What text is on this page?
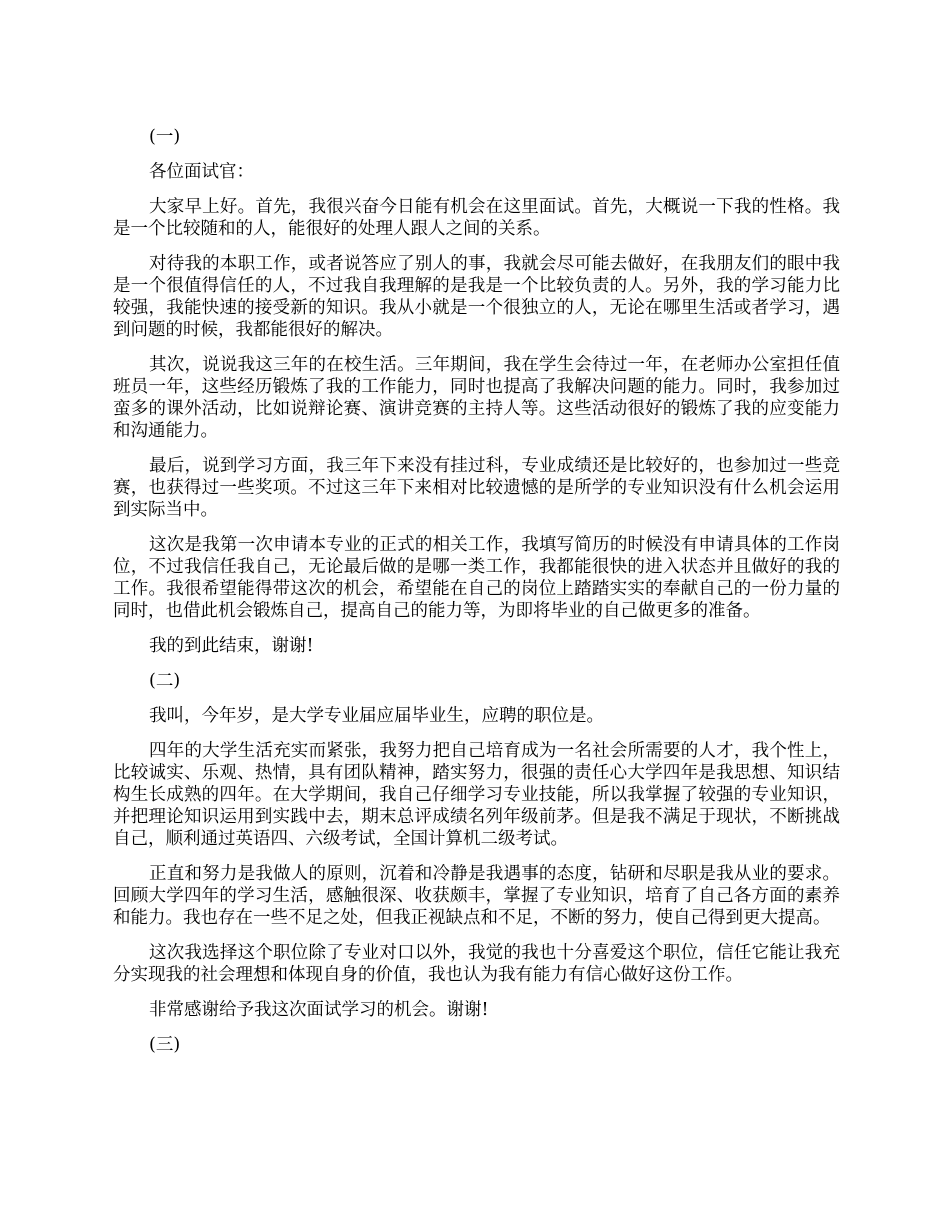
(一)

各位面试官：

大家早上好。首先，我很兴奋今日能有机会在这里面试。首先，大概说一下我的性格。我是一个比较随和的人，能很好的处理人跟人之间的关系。

对待我的本职工作，或者说答应了别人的事，我就会尽可能去做好，在我朋友们的眼中我是一个很值得信任的人，不过我自我理解的是我是一个比较负责的人。另外，我的学习能力比较强，我能快速的接受新的知识。我从小就是一个很独立的人，无论在哪里生活或者学习，遇到问题的时候，我都能很好的解决。

其次，说说我这三年的在校生活。三年期间，我在学生会待过一年，在老师办公室担任值班员一年，这些经历锻炼了我的工作能力，同时也提高了我解决问题的能力。同时，我参加过蛮多的课外活动，比如说辩论赛、演讲竞赛的主持人等。这些活动很好的锻炼了我的应变能力和沟通能力。

最后，说到学习方面，我三年下来没有挂过科，专业成绩还是比较好的，也参加过一些竞赛，也获得过一些奖项。不过这三年下来相对比较遗憾的是所学的专业知识没有什么机会运用到实际当中。

这次是我第一次申请本专业的正式的相关工作，我填写简历的时候没有申请具体的工作岗位，不过我信任我自己，无论最后做的是哪一类工作，我都能很快的进入状态并且做好的我的工作。我很希望能得带这次的机会，希望能在自己的岗位上踏踏实实的奉献自己的一份力量的同时，也借此机会锻炼自己，提高自己的能力等，为即将毕业的自己做更多的准备。

我的到此结束，谢谢!

(二)

我叫，今年岁，是大学专业届应届毕业生，应聘的职位是。

四年的大学生活充实而紧张，我努力把自己培育成为一名社会所需要的人才，我个性上，比较诚实、乐观、热情，具有团队精神，踏实努力，很强的责任心大学四年是我思想、知识结构生长成熟的四年。在大学期间，我自己仔细学习专业技能，所以我掌握了较强的专业知识，并把理论知识运用到实践中去，期末总评成绩名列年级前茅。但是我不满足于现状，不断挑战自己，顺利通过英语四、六级考试，全国计算机二级考试。

正直和努力是我做人的原则，沉着和冷静是我遇事的态度，钻研和尽职是我从业的要求。回顾大学四年的学习生活，感触很深、收获颇丰，掌握了专业知识，培育了自己各方面的素养和能力。我也存在一些不足之处，但我正视缺点和不足，不断的努力，使自己得到更大提高。

这次我选择这个职位除了专业对口以外，我觉的我也十分喜爱这个职位，信任它能让我充分实现我的社会理想和体现自身的价值，我也认为我有能力有信心做好这份工作。

非常感谢给予我这次面试学习的机会。谢谢!

(三)
